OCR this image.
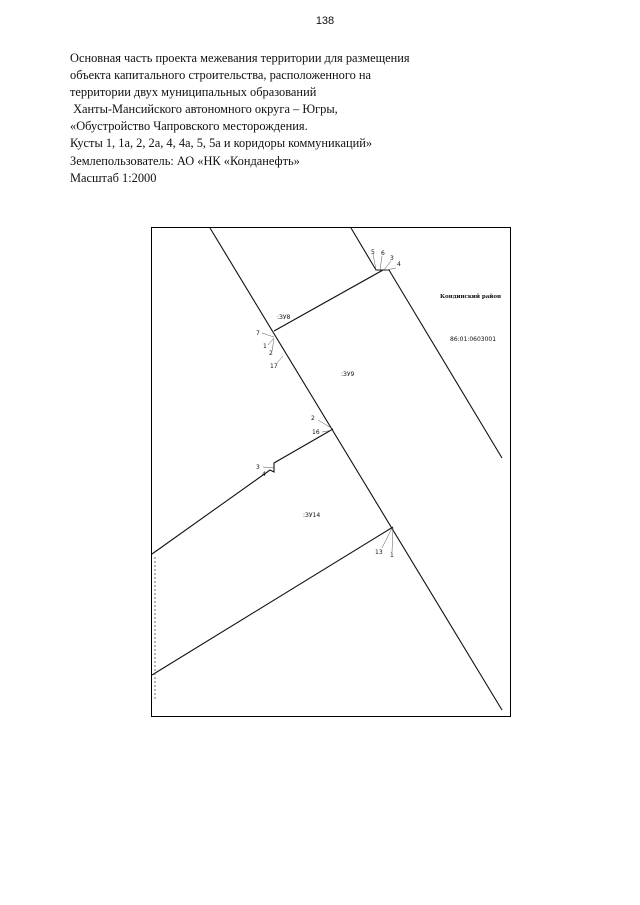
138
Основная часть проекта межевания территории для размещения
объекта капитального строительства, расположенного на
территории двух муниципальных образований
Ханты-Мансийского автономного округа – Югры,
«Обустройство Чапровского месторождения.
Кусты 1, 1а, 2, 2а, 4, 4а, 5, 5а и коридоры коммуникаций»
Землепользователь: АО «НК «Конданефть»
Масштаб 1:2000
Кондинский район
86:01:0603001
:ЗУ8
:ЗУ9
:ЗУ14
5 6
3
4
7
1
2
17
2
16
3
4
13 1
